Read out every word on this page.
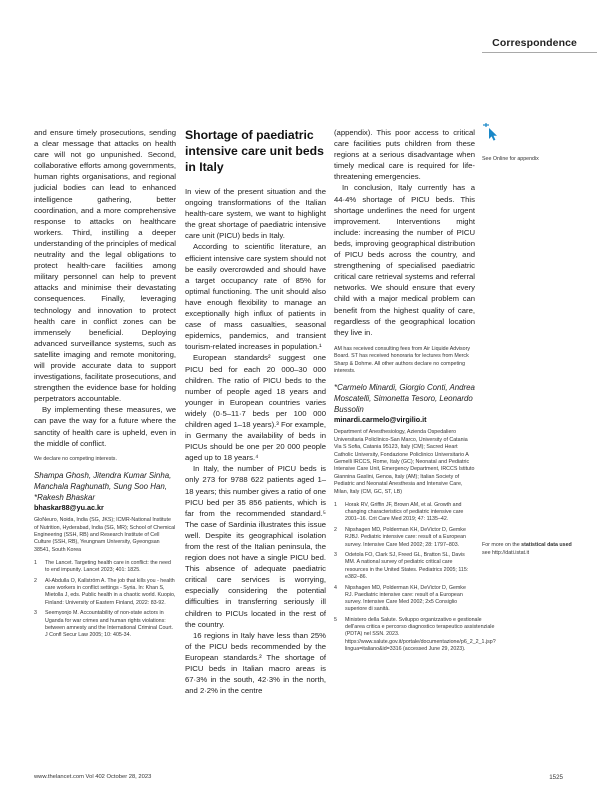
Correspondence

and ensure timely prosecutions, sending a clear message that attacks on health care will not go unpunished. Second, collaborative efforts among governments, human rights organisations, and regional judicial bodies can lead to enhanced intelligence gathering, better coordination, and a more comprehensive response to attacks on healthcare workers. Third, instilling a deeper understanding of the principles of medical neutrality and the legal obligations to protect health-care facilities among military personnel can help to prevent attacks and minimise their devastating consequences. Finally, leveraging technology and innovation to protect health care in conflict zones can be immensely beneficial. Deploying advanced surveillance systems, such as satellite imaging and remote monitoring, will provide accurate data to support investigations, facilitate prosecutions, and strengthen the evidence base for holding perpetrators accountable.

By implementing these measures, we can pave the way for a future where the sanctity of health care is upheld, even in the middle of conflict.

We declare no competing interests.
Shampa Ghosh, Jitendra Kumar Sinha, Manchala Raghunath, Sung Soo Han, *Rakesh Bhaskar
bhaskar88@yu.ac.kr
GloNeuro, Noida, India (SG, JKS); ICMR-National Institute of Nutrition, Hyderabad, India (SG, MR); School of Chemical Engineering (SSH, RB) and Research Institute of Cell Culture (SSH, RB), Yeungnam University, Gyeongsan 38541, South Korea
1	The Lancet. Targeting health care in conflict: the need to end impunity. Lancet 2023; 401: 1825.
2	Al-Abdulla O, Kallström A. The job that kills you - health care workers in conflict settings - Syria. In: Khan S, Mietolla J, eds. Public health in a chaotic world. Kuopio, Finland: University of Eastern Finland, 2022: 83-92.
3	Seemyonjo M. Accountability of non-state actors in Uganda for war crimes and human rights violations: between amnesty and the International Criminal Court. J Confl Secur Law 2005; 10: 405-34.
Shortage of paediatric intensive care unit beds in Italy

In view of the present situation and the ongoing transformations of the Italian health-care system, we want to highlight the great shortage of paediatric intensive care unit (PICU) beds in Italy.

According to scientific literature, an efficient intensive care system should not be easily overcrowded and should have a target occupancy rate of 85% for optimal functioning. The unit should also have enough flexibility to manage an exceptionally high influx of patients in case of mass casualties, seasonal epidemics, pandemics, and transient tourism-related increases in population.¹

European standards² suggest one PICU bed for each 20 000–30 000 children. The ratio of PICU beds to the number of people aged 18 years and younger in European countries varies widely (0·5–11·7 beds per 100 000 children aged 1–18 years).³ For example, in Germany the availability of beds in PICUs should be one per 20 000 people aged up to 18 years.⁴

In Italy, the number of PICU beds is only 273 for 9788 622 patients aged 1–18 years; this number gives a ratio of one PICU bed per 35 856 patients, which is far from the recommended standard.⁵ The case of Sardinia illustrates this issue well. Despite its geographical isolation from the rest of the Italian peninsula, the region does not have a single PICU bed. This absence of adequate paediatric critical care services is worrying, especially considering the potential difficulties in transferring seriously ill children to PICUs located in the rest of the country.

16 regions in Italy have less than 25% of the PICU beds recommended by the European standards.² The shortage of PICU beds in Italian macro areas is 67·3% in the south, 42·3% in the north, and 2·2% in the centre

(appendix). This poor access to critical care facilities puts children from these regions at a serious disadvantage when timely medical care is required for life-threatening emergencies.

In conclusion, Italy currently has a 44·4% shortage of PICU beds. This shortage underlines the need for urgent improvement. Interventions might include: increasing the number of PICU beds, improving geographical distribution of PICU beds across the country, and strengthening of specialised paediatric critical care retrieval systems and referral networks. We should ensure that every child with a major medical problem can benefit from the highest quality of care, regardless of the geographical location they live in.

AM has received consulting fees from Air Liquide Advisory Board. ST has received honoraria for lectures from Merck Sharp & Dohme. All other authors declare no competing interests.
*Carmelo Minardi, Giorgio Conti, Andrea Moscatelli, Simonetta Tesoro, Leonardo Bussolin
minardi.carmelo@virgilio.it
Department of Anesthesiology, Azienda Ospedaliero Universitaria Policlinico-San Marco, University of Catania Via S Sofia, Catania 95123, Italy (CM); Sacred Heart Catholic University, Fondazione Policlinico Universitario A Gemelli IRCCS, Rome, Italy (GC); Neonatal and Pediatric Intensive Care Unit, Emergency Department, IRCCS Istituto Giannina Gaslini, Genoa, Italy (AM); Italian Society of Pediatric and Neonatal Anesthesia and Intensive Care, Milan, Italy (CM, GC, ST, LB)
1	Horak RV, Griffin JF, Brown AM, et al. Growth and changing characteristics of pediatric intensive care 2001–16. Crit Care Med 2019; 47: 1135–42.
2	Nipshagen MD, Polderman KH, DeVictor D, Gemke RJBJ. Pediatric intensive care: result of a European survey. Intensive Care Med 2002; 28: 1797–803.
3	Odetola FO, Clark SJ, Freed GL, Bratton SL, Davis MM. A national survey of pediatric critical care resources in the United States. Pediatrics 2005; 115: e382–86.
4	Nipshagen MD, Polderman KH, DeVictor D, Gemke RJ. Paediatric intensive care: result of a European survey. Intensive Care Med 2002; 2x5 Consiglio superiore di sanità.
5	Ministero della Salute. Sviluppo organizzativo e gestionale dell'area critica e percorso diagnostico terapeutico assistenziale (PDTA) nel SSN. 2023. https://www.salute.gov.it/portale/documentazione/p6_2_2_1.jsp?lingua=italiano&id=3316 (accessed June 29, 2023).
See Online for appendix
For more on the statistical data used see http://dati.istat.it
www.thelancet.com Vol 402 October 28, 2023	1525
